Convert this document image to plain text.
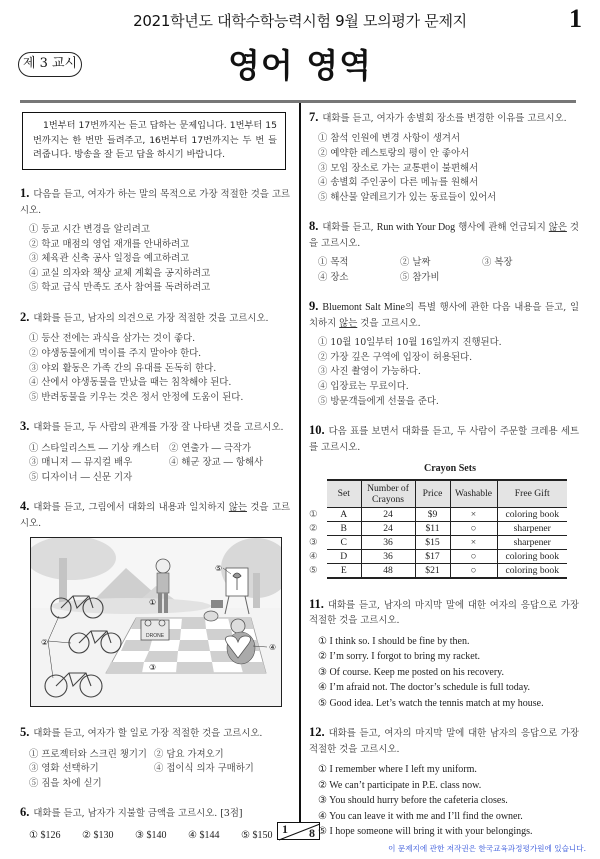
2021학년도 대학수학능력시험 9월 모의평가 문제지	1
제 3 교시	영어 영역
1번부터 17번까지는 듣고 답하는 문제입니다. 1번부터 15번까지는 한 번만 들려주고, 16번부터 17번까지는 두 번 들려줍니다. 방송을 잘 듣고 답을 하시기 바랍니다.
1. 다음을 듣고, 여자가 하는 말의 목적으로 가장 적절한 것을 고르시오.
① 등교 시간 변경을 알리려고
② 학교 매점의 영업 재개를 안내하려고
③ 체육관 신축 공사 일정을 예고하려고
④ 교실 의자와 책상 교체 계획을 공지하려고
⑤ 학교 급식 만족도 조사 참여를 독려하려고
2. 대화를 듣고, 남자의 의견으로 가장 적절한 것을 고르시오.
① 등산 전에는 과식을 삼가는 것이 좋다.
② 야생동물에게 먹이를 주지 말아야 한다.
③ 야외 활동은 가족 간의 유대를 돈독히 한다.
④ 산에서 야생동물을 만났을 때는 침착해야 된다.
⑤ 반려동물을 키우는 것은 정서 안정에 도움이 된다.
3. 대화를 듣고, 두 사람의 관계를 가장 잘 나타낸 것을 고르시오.
① 스타일리스트 ― 기상 캐스터	② 연출가 ― 극작가
③ 매니저 ― 뮤지컬 배우	④ 해군 장교 ― 항해사
⑤ 디자이너 ― 신문 기자
4. 대화를 듣고, 그림에서 대화의 내용과 일치하지 않는 것을 고르시오.
DRONE
①
②
③
④
⑤
5. 대화를 듣고, 여자가 할 일로 가장 적절한 것을 고르시오.
① 프로젝터와 스크린 챙기기 ② 담요 가져오기
③ 영화 선택하기	④ 접이식 의자 구매하기
⑤ 짐을 차에 싣기
6. 대화를 듣고, 남자가 지불할 금액을 고르시오. [3점]
① $126	② $130	③ $140	④ $144	⑤ $150
7. 대화를 듣고, 여자가 송별회 장소를 변경한 이유를 고르시오.
① 참석 인원에 변경 사항이 생겨서
② 예약한 레스토랑의 평이 안 좋아서
③ 모임 장소로 가는 교통편이 불편해서
④ 송별회 주인공이 다른 메뉴를 원해서
⑤ 해산물 알레르기가 있는 동료들이 있어서
8. 대화를 듣고, Run with Your Dog 행사에 관해 언급되지 않은 것을 고르시오.
① 목적	② 날짜	③ 복장
④ 장소	⑤ 참가비
9. Bluemont Salt Mine의 특별 행사에 관한 다음 내용을 듣고, 일치하지 않는 것을 고르시오.
① 10월 10일부터 10월 16일까지 진행된다.
② 가장 깊은 구역에 입장이 허용된다.
③ 사진 촬영이 가능하다.
④ 입장료는 무료이다.
⑤ 방문객들에게 선물을 준다.
10. 다음 표를 보면서 대화를 듣고, 두 사람이 주문할 크레용 세트를 고르시오.
Crayon Sets
	Set	Number of Crayons	Price	Washable	Free Gift
①	A	24	$9	×	coloring book
②	B	24	$11	○	sharpener
③	C	36	$15	×	sharpener
④	D	36	$17	○	coloring book
⑤	E	48	$21	○	coloring book
11. 대화를 듣고, 남자의 마지막 말에 대한 여자의 응답으로 가장 적절한 것을 고르시오.
① I think so. I should be fine by then.
② I’m sorry. I forgot to bring my racket.
③ Of course. Keep me posted on his recovery.
④ I’m afraid not. The doctor’s schedule is full today.
⑤ Good idea. Let’s watch the tennis match at my house.
12. 대화를 듣고, 여자의 마지막 말에 대한 남자의 응답으로 가장 적절한 것을 고르시오.
① I remember where I left my uniform.
② We can’t participate in P.E. class now.
③ You should hurry before the cafeteria closes.
④ You can leave it with me and I’ll find the owner.
⑤ I hope someone will bring it with your belongings.
1 8
이 문제지에 관한 저작권은 한국교육과정평가원에 있습니다.
